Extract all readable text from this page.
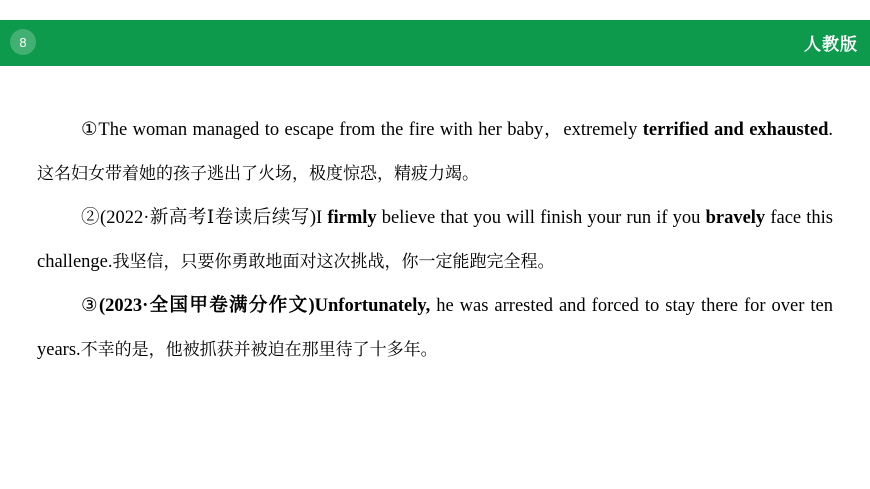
8	人教版

①The woman managed to escape from the fire with her baby，extremely terrified and exhausted.这名妇女带着她的孩子逃出了火场，极度惊恐，精疲力竭。

②(2022·新高考Ⅰ卷读后续写)I firmly believe that you will finish your run if you bravely face this challenge.我坚信，只要你勇敢地面对这次挑战，你一定能跑完全程。

③(2023·全国甲卷满分作文)Unfortunately, he was arrested and forced to stay there for over ten years.不幸的是，他被抓获并被迫在那里待了十多年。
